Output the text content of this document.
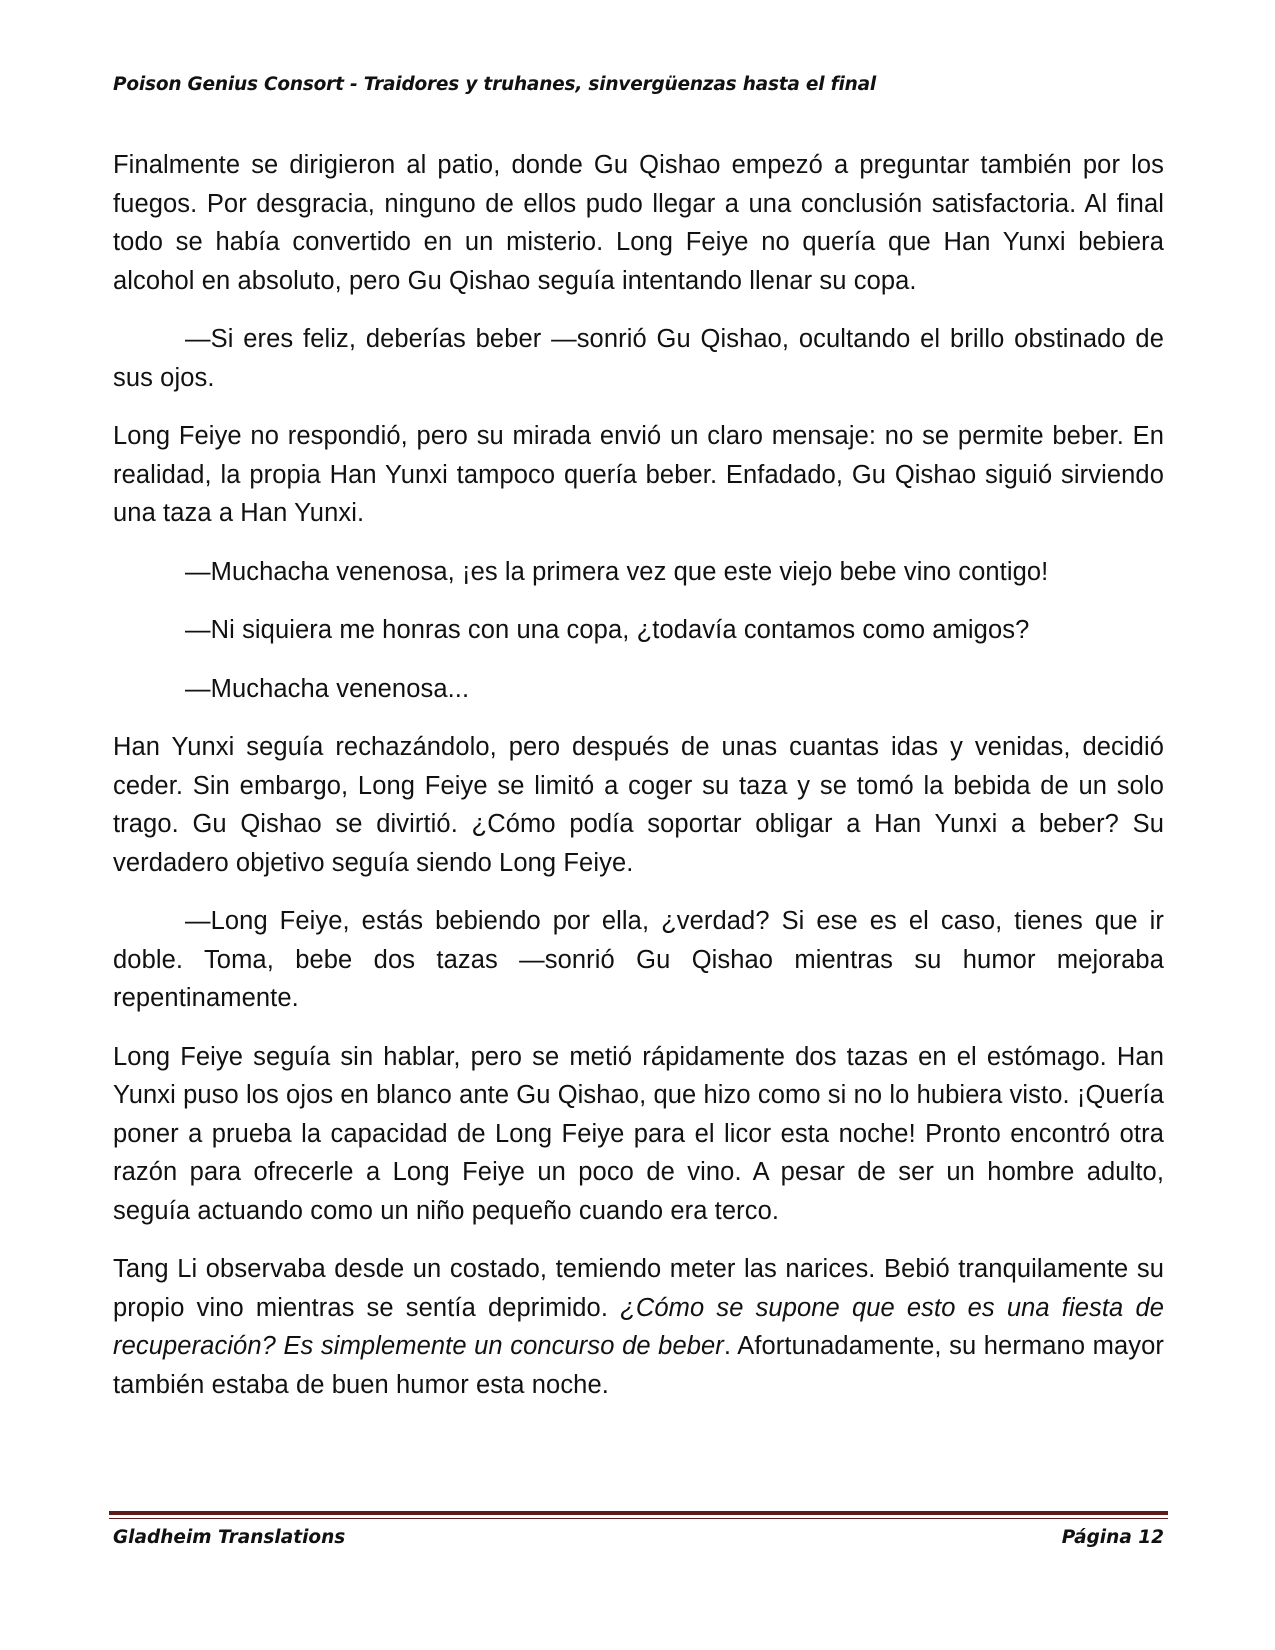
Poison Genius Consort - Traidores y truhanes, sinvergüenzas hasta el final

Finalmente se dirigieron al patio, donde Gu Qishao empezó a preguntar también por los fuegos. Por desgracia, ninguno de ellos pudo llegar a una conclusión satisfactoria. Al final todo se había convertido en un misterio. Long Feiye no quería que Han Yunxi bebiera alcohol en absoluto, pero Gu Qishao seguía intentando llenar su copa.

—Si eres feliz, deberías beber —sonrió Gu Qishao, ocultando el brillo obstinado de sus ojos.

Long Feiye no respondió, pero su mirada envió un claro mensaje: no se permite beber. En realidad, la propia Han Yunxi tampoco quería beber. Enfadado, Gu Qishao siguió sirviendo una taza a Han Yunxi.

—Muchacha venenosa, ¡es la primera vez que este viejo bebe vino contigo!

—Ni siquiera me honras con una copa, ¿todavía contamos como amigos?

—Muchacha venenosa...

Han Yunxi seguía rechazándolo, pero después de unas cuantas idas y venidas, decidió ceder. Sin embargo, Long Feiye se limitó a coger su taza y se tomó la bebida de un solo trago. Gu Qishao se divirtió. ¿Cómo podía soportar obligar a Han Yunxi a beber? Su verdadero objetivo seguía siendo Long Feiye.

—Long Feiye, estás bebiendo por ella, ¿verdad? Si ese es el caso, tienes que ir doble. Toma, bebe dos tazas —sonrió Gu Qishao mientras su humor mejoraba repentinamente.

Long Feiye seguía sin hablar, pero se metió rápidamente dos tazas en el estómago. Han Yunxi puso los ojos en blanco ante Gu Qishao, que hizo como si no lo hubiera visto. ¡Quería poner a prueba la capacidad de Long Feiye para el licor esta noche! Pronto encontró otra razón para ofrecerle a Long Feiye un poco de vino. A pesar de ser un hombre adulto, seguía actuando como un niño pequeño cuando era terco.

Tang Li observaba desde un costado, temiendo meter las narices. Bebió tranquilamente su propio vino mientras se sentía deprimido. ¿Cómo se supone que esto es una fiesta de recuperación? Es simplemente un concurso de beber. Afortunadamente, su hermano mayor también estaba de buen humor esta noche.

Gladheim Translations	Página 12
